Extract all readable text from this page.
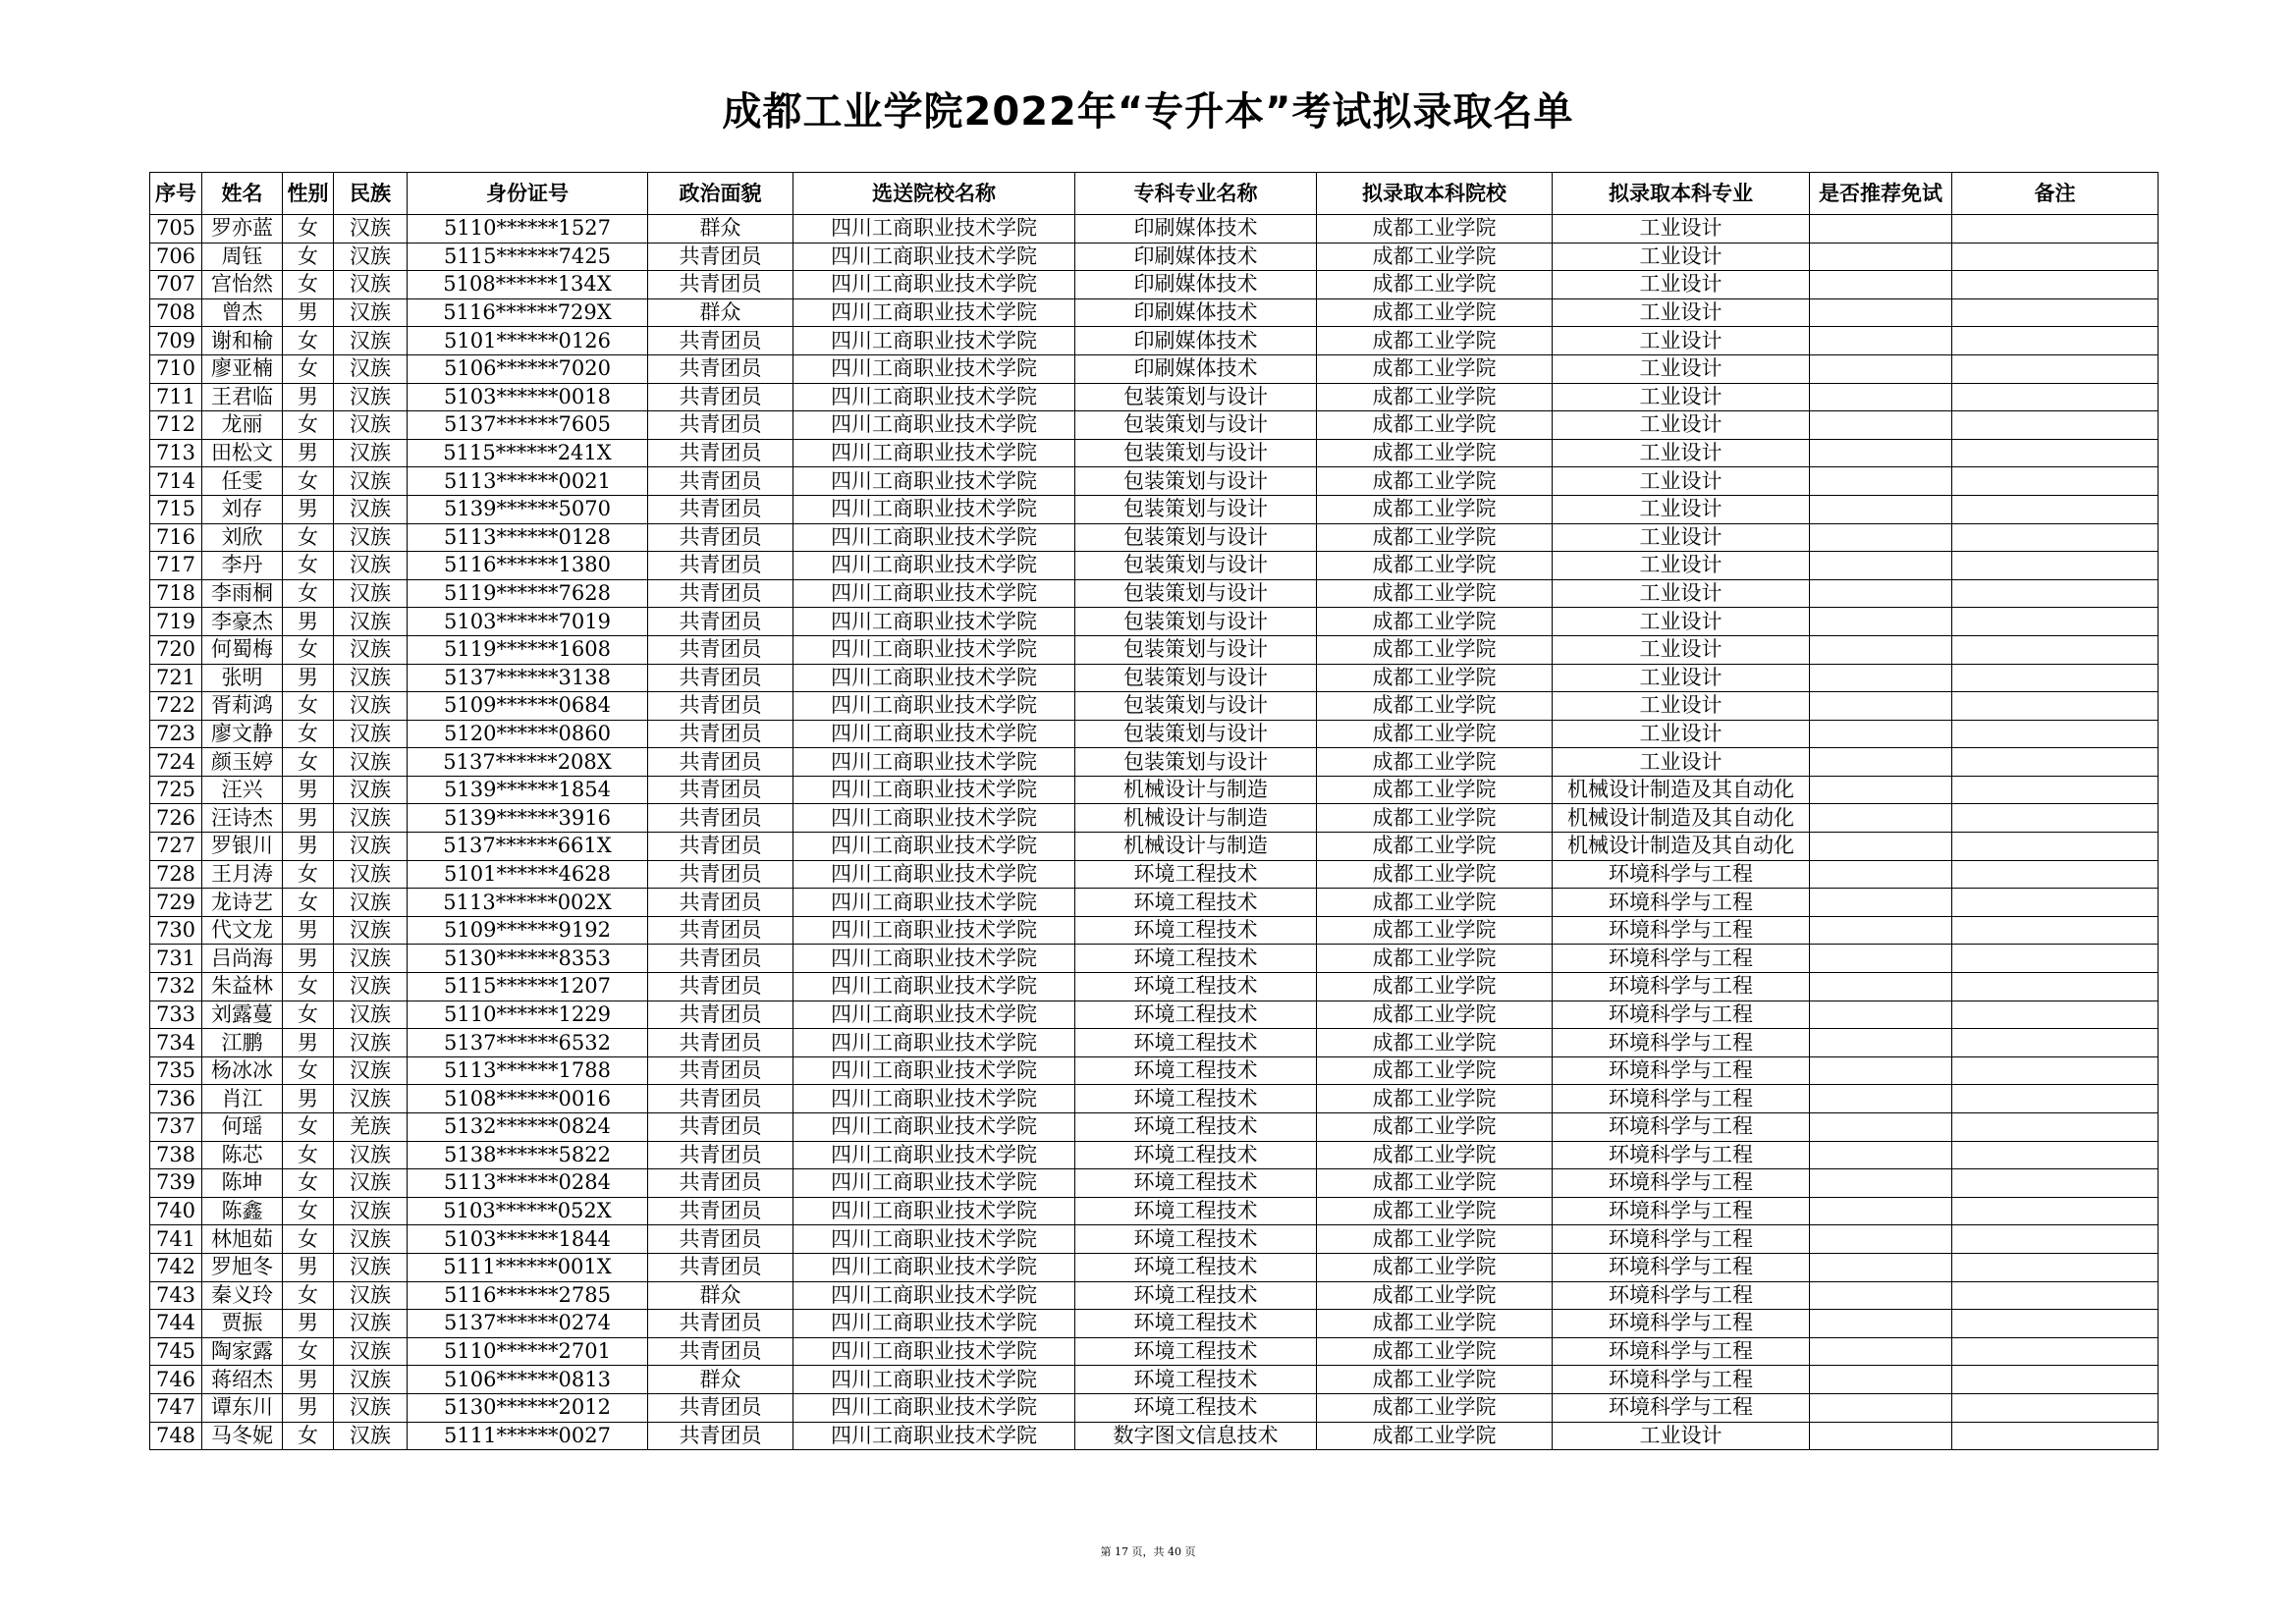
成都工业学院2022年“专升本”考试拟录取名单
序号	姓名	性别	民族	身份证号	政治面貌	选送院校名称	专科专业名称	拟录取本科院校	拟录取本科专业	是否推荐免试	备注
705	罗亦蓝	女	汉族	5110******1527	群众	四川工商职业技术学院	印刷媒体技术	成都工业学院	工业设计		
706	周钰	女	汉族	5115******7425	共青团员	四川工商职业技术学院	印刷媒体技术	成都工业学院	工业设计		
707	宫怡然	女	汉族	5108******134X	共青团员	四川工商职业技术学院	印刷媒体技术	成都工业学院	工业设计		
708	曾杰	男	汉族	5116******729X	群众	四川工商职业技术学院	印刷媒体技术	成都工业学院	工业设计		
709	谢和榆	女	汉族	5101******0126	共青团员	四川工商职业技术学院	印刷媒体技术	成都工业学院	工业设计		
710	廖亚楠	女	汉族	5106******7020	共青团员	四川工商职业技术学院	印刷媒体技术	成都工业学院	工业设计		
711	王君临	男	汉族	5103******0018	共青团员	四川工商职业技术学院	包装策划与设计	成都工业学院	工业设计		
712	龙丽	女	汉族	5137******7605	共青团员	四川工商职业技术学院	包装策划与设计	成都工业学院	工业设计		
713	田松文	男	汉族	5115******241X	共青团员	四川工商职业技术学院	包装策划与设计	成都工业学院	工业设计		
714	任雯	女	汉族	5113******0021	共青团员	四川工商职业技术学院	包装策划与设计	成都工业学院	工业设计		
715	刘存	男	汉族	5139******5070	共青团员	四川工商职业技术学院	包装策划与设计	成都工业学院	工业设计		
716	刘欣	女	汉族	5113******0128	共青团员	四川工商职业技术学院	包装策划与设计	成都工业学院	工业设计		
717	李丹	女	汉族	5116******1380	共青团员	四川工商职业技术学院	包装策划与设计	成都工业学院	工业设计		
718	李雨桐	女	汉族	5119******7628	共青团员	四川工商职业技术学院	包装策划与设计	成都工业学院	工业设计		
719	李豪杰	男	汉族	5103******7019	共青团员	四川工商职业技术学院	包装策划与设计	成都工业学院	工业设计		
720	何蜀梅	女	汉族	5119******1608	共青团员	四川工商职业技术学院	包装策划与设计	成都工业学院	工业设计		
721	张明	男	汉族	5137******3138	共青团员	四川工商职业技术学院	包装策划与设计	成都工业学院	工业设计		
722	胥莉鸿	女	汉族	5109******0684	共青团员	四川工商职业技术学院	包装策划与设计	成都工业学院	工业设计		
723	廖文静	女	汉族	5120******0860	共青团员	四川工商职业技术学院	包装策划与设计	成都工业学院	工业设计		
724	颜玉婷	女	汉族	5137******208X	共青团员	四川工商职业技术学院	包装策划与设计	成都工业学院	工业设计		
725	汪兴	男	汉族	5139******1854	共青团员	四川工商职业技术学院	机械设计与制造	成都工业学院	机械设计制造及其自动化		
726	汪诗杰	男	汉族	5139******3916	共青团员	四川工商职业技术学院	机械设计与制造	成都工业学院	机械设计制造及其自动化		
727	罗银川	男	汉族	5137******661X	共青团员	四川工商职业技术学院	机械设计与制造	成都工业学院	机械设计制造及其自动化		
728	王月涛	女	汉族	5101******4628	共青团员	四川工商职业技术学院	环境工程技术	成都工业学院	环境科学与工程		
729	龙诗艺	女	汉族	5113******002X	共青团员	四川工商职业技术学院	环境工程技术	成都工业学院	环境科学与工程		
730	代文龙	男	汉族	5109******9192	共青团员	四川工商职业技术学院	环境工程技术	成都工业学院	环境科学与工程		
731	吕尚海	男	汉族	5130******8353	共青团员	四川工商职业技术学院	环境工程技术	成都工业学院	环境科学与工程		
732	朱益林	女	汉族	5115******1207	共青团员	四川工商职业技术学院	环境工程技术	成都工业学院	环境科学与工程		
733	刘露蔓	女	汉族	5110******1229	共青团员	四川工商职业技术学院	环境工程技术	成都工业学院	环境科学与工程		
734	江鹏	男	汉族	5137******6532	共青团员	四川工商职业技术学院	环境工程技术	成都工业学院	环境科学与工程		
735	杨冰冰	女	汉族	5113******1788	共青团员	四川工商职业技术学院	环境工程技术	成都工业学院	环境科学与工程		
736	肖江	男	汉族	5108******0016	共青团员	四川工商职业技术学院	环境工程技术	成都工业学院	环境科学与工程		
737	何瑶	女	羌族	5132******0824	共青团员	四川工商职业技术学院	环境工程技术	成都工业学院	环境科学与工程		
738	陈芯	女	汉族	5138******5822	共青团员	四川工商职业技术学院	环境工程技术	成都工业学院	环境科学与工程		
739	陈坤	女	汉族	5113******0284	共青团员	四川工商职业技术学院	环境工程技术	成都工业学院	环境科学与工程		
740	陈鑫	女	汉族	5103******052X	共青团员	四川工商职业技术学院	环境工程技术	成都工业学院	环境科学与工程		
741	林旭茹	女	汉族	5103******1844	共青团员	四川工商职业技术学院	环境工程技术	成都工业学院	环境科学与工程		
742	罗旭冬	男	汉族	5111******001X	共青团员	四川工商职业技术学院	环境工程技术	成都工业学院	环境科学与工程		
743	秦义玲	女	汉族	5116******2785	群众	四川工商职业技术学院	环境工程技术	成都工业学院	环境科学与工程		
744	贾振	男	汉族	5137******0274	共青团员	四川工商职业技术学院	环境工程技术	成都工业学院	环境科学与工程		
745	陶家露	女	汉族	5110******2701	共青团员	四川工商职业技术学院	环境工程技术	成都工业学院	环境科学与工程		
746	蒋绍杰	男	汉族	5106******0813	群众	四川工商职业技术学院	环境工程技术	成都工业学院	环境科学与工程		
747	谭东川	男	汉族	5130******2012	共青团员	四川工商职业技术学院	环境工程技术	成都工业学院	环境科学与工程		
748	马冬妮	女	汉族	5111******0027	共青团员	四川工商职业技术学院	数字图文信息技术	成都工业学院	工业设计		
第 17 页，共 40 页
